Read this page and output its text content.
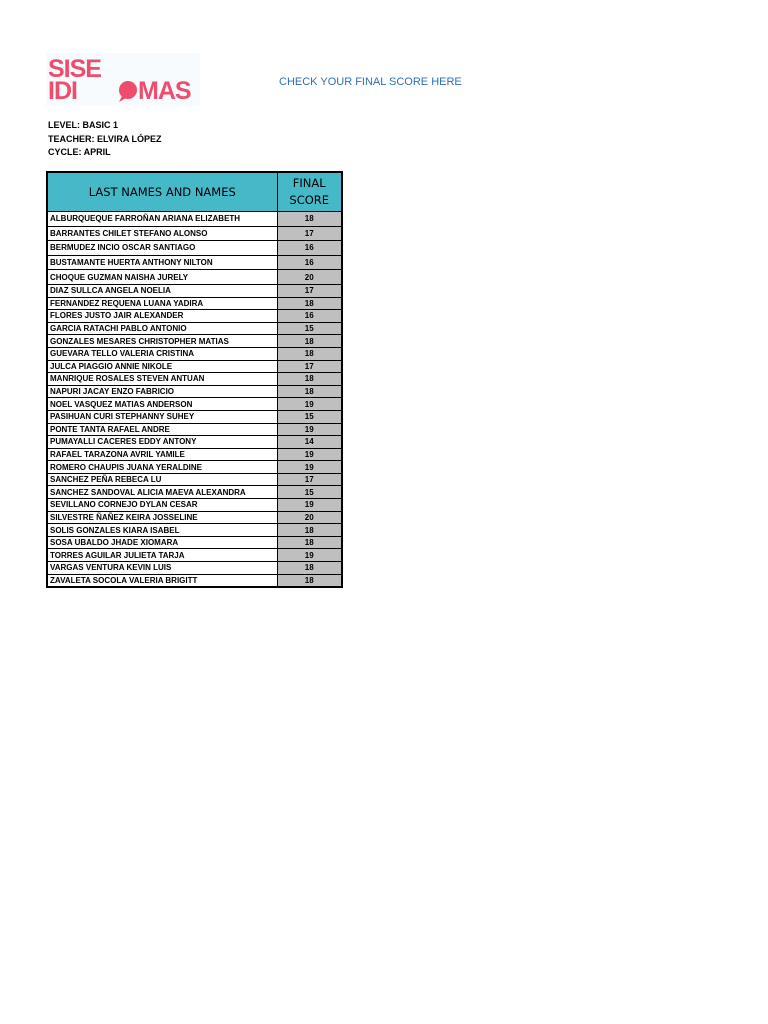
SISE
IDI MAS	CHECK YOUR FINAL SCORE HERE
LEVEL: BASIC 1
TEACHER: ELVIRA LÓPEZ
CYCLE: APRIL
LAST NAMES AND NAMES	FINAL
SCORE
ALBURQUEQUE FARROÑAN ARIANA ELIZABETH	18
BARRANTES CHILET STEFANO ALONSO	17
BERMUDEZ INCIO OSCAR SANTIAGO	16
BUSTAMANTE HUERTA ANTHONY NILTON	16
CHOQUE GUZMAN NAISHA JURELY	20
DIAZ SULLCA ANGELA NOELIA	17
FERNANDEZ REQUENA LUANA YADIRA	18
FLORES JUSTO JAIR ALEXANDER	16
GARCIA RATACHI PABLO ANTONIO	15
GONZALES MESARES CHRISTOPHER MATIAS	18
GUEVARA TELLO VALERIA CRISTINA	18
JULCA PIAGGIO ANNIE NIKOLE	17
MANRIQUE ROSALES STEVEN ANTUAN	18
NAPURI JACAY ENZO FABRICIO	18
NOEL VASQUEZ MATIAS ANDERSON	19
PASIHUAN CURI STEPHANNY SUHEY	15
PONTE TANTA RAFAEL ANDRE	19
PUMAYALLI CACERES EDDY ANTONY	14
RAFAEL TARAZONA AVRIL YAMILE	19
ROMERO CHAUPIS JUANA YERALDINE	19
SANCHEZ PEÑA REBECA LU	17
SANCHEZ SANDOVAL ALICIA MAEVA ALEXANDRA	15
SEVILLANO CORNEJO DYLAN CESAR	19
SILVESTRE ÑAÑEZ KEIRA JOSSELINE	20
SOLIS GONZALES KIARA ISABEL	18
SOSA UBALDO JHADE XIOMARA	18
TORRES AGUILAR JULIETA TARJA	19
VARGAS VENTURA KEVIN LUIS	18
ZAVALETA SOCOLA VALERIA BRIGITT	18
